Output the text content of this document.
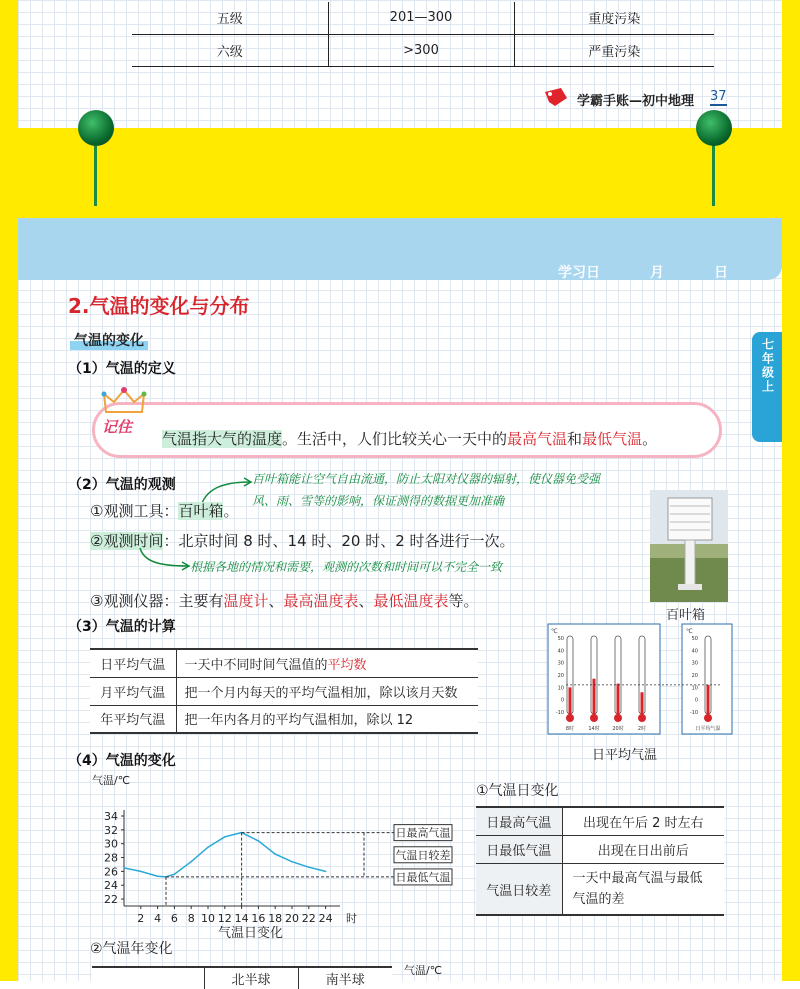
五级	201—300	重度污染
六级	>300	严重污染
学霸手账—初中地理 37
学习日	月	日
七年级上
2.气温的变化与分布
气温的变化
（1）气温的定义
记住
气温指大气的温度。生活中，人们比较关心一天中的最高气温和最低气温。
（2）气温的观测	百叶箱能让空气自由流通，防止太阳对仪器的辐射，使仪器免受强
风、雨、雪等的影响，保证测得的数据更加准确
①观测工具：百叶箱。
②观测时间：北京时间 8 时、14 时、20 时、2 时各进行一次。
根据各地的情况和需要，观测的次数和时间可以不完全一致
③观测仪器：主要有温度计、最高温度表、最低温度表等。
百叶箱
（3）气温的计算
日平均气温	一天中不同时间气温值的平均数
月平均气温	把一个月内每天的平均气温相加，除以该月天数
年平均气温	把一年内各月的平均气温相加，除以 12
℃	℃
50	50
40	40
30	30
20	20
10	10
0	0
-10	-10
8时	14时	20时	2时	日平均气温
日平均气温
（4）气温的变化
气温/℃
22
24
26
28
30
32
34
2 4 6 8 10 12 14 16 18 20 22 24 时
日最高气温
气温日较差
日最低气温
气温日变化
①气温日变化
日最高气温	出现在午后 2 时左右
日最低气温	出现在日出前后
气温日较差	一天中最高气温与最低气温的差
②气温年变化
	北半球	南半球
气温/℃
